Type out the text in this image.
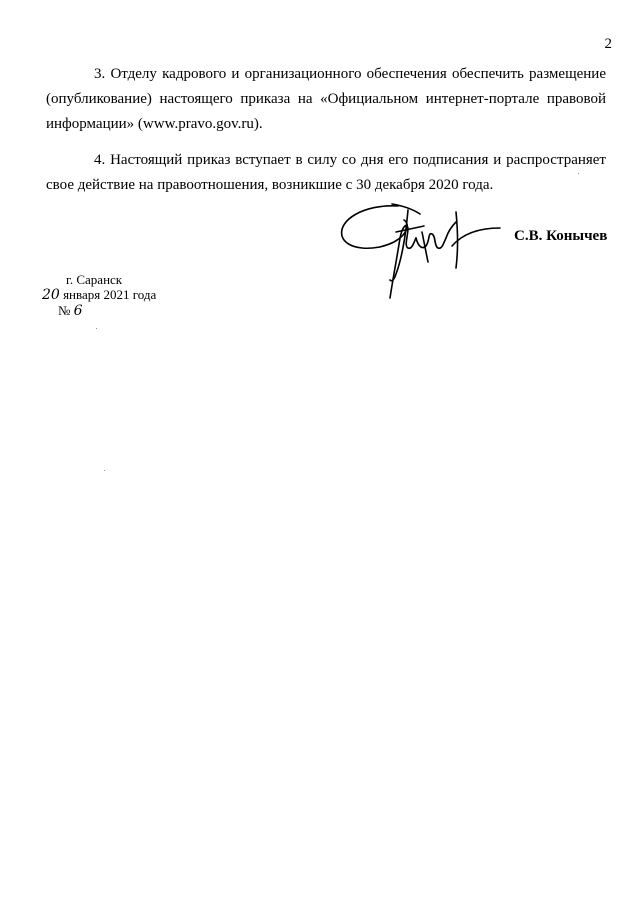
2

3. Отделу кадрового и организационного обеспечения обеспечить размещение (опубликование) настоящего приказа на «Официальном интернет-портале правовой информации» (www.pravo.gov.ru).

4. Настоящий приказ вступает в силу со дня его подписания и распространяет свое действие на правоотношения, возникшие с 30 декабря 2020 года.

С.В. Конычев
г. Саранск
20 января 2021 года
№ 6
